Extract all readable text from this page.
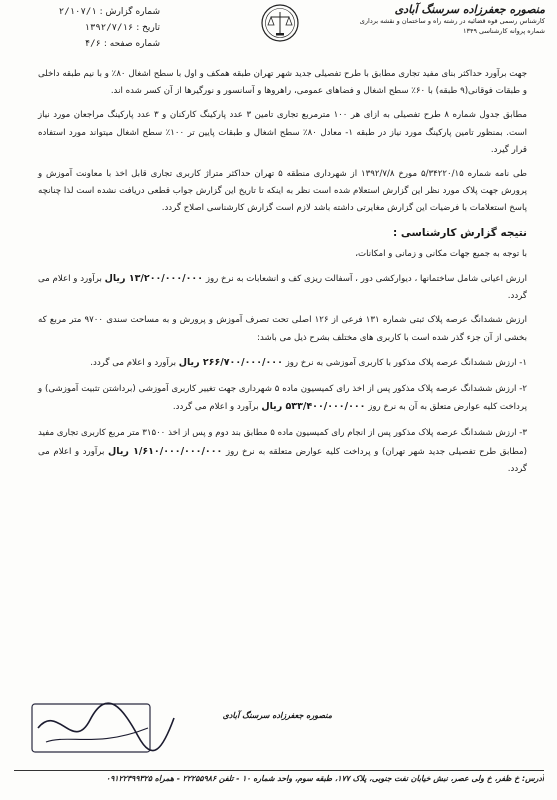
منصوره جعفرزاده سرسنگ آبادی
کارشناس رسمی قوه قضائیه در رشته راه و ساختمان و نقشه برداری
شماره پروانه کارشناسی ۱۳۴۹
شماره گزارش : ۲/۱۰۷/۱
تاریخ : ۱۳۹۲/۷/۱۶
شماره صفحه : ۴/۶

جهت برآورد حداکثر بنای مفید تجاری مطابق با طرح تفصیلی جدید شهر تهران طبقه همکف و اول با سطح اشغال ۸۰٪ و با نیم طبقه داخلی و طبقات فوقانی(۹ طبقه) با ۶۰٪ سطح اشغال و فضاهای عمومی، راهروها و آسانسور و نورگیرها از آن کسر شده اند.

مطابق جدول شماره ۸ طرح تفصیلی به ازای هر ۱۰۰ مترمربع تجاری تامین ۳ عدد پارکینگ کارکنان و ۳ عدد پارکینگ مراجعان مورد نیاز است. بمنظور تامین پارکینگ مورد نیاز در طبقه ۱- معادل ۸۰٪ سطح اشغال و طبقات پایین تر ۱۰۰٪ سطح اشغال میتواند مورد استفاده قرار گیرد.

طی نامه شماره ۵/۳۴۲۲۰/۱۵ مورخ ۱۳۹۲/۷/۸ از شهرداری منطقه ۵ تهران حداکثر متراژ کاربری تجاری قابل اخذ با معاونت آموزش و پرورش جهت پلاک مورد نظر این گزارش استعلام شده است نظر به اینکه تا تاریخ این گزارش جواب قطعی دریافت نشده است لذا چنانچه پاسخ استعلامات با فرضیات این گزارش مغایرتی داشته باشد لازم است گزارش کارشناسی اصلاح گردد.

نتیجه گزارش کارشناسی :

با توجه به جمیع جهات مکانی و زمانی و امکانات،

ارزش اعیانی شامل ساختمانها ، دیوارکشی دور ، آسفالت ریزی کف و انشعابات به نرخ روز ۱۳/۲۰۰/۰۰۰/۰۰۰ ریال برآورد و اعلام می گردد.

ارزش ششدانگ عرصه پلاک ثبتی شماره ۱۳۱ فرعی از ۱۲۶ اصلی تحت تصرف آموزش و پرورش و به مساحت سندی ۹۷۰۰ متر مربع که بخشی از آن جزء گذر شده است با کاربری های مختلف بشرح ذیل می باشد:

۱- ارزش ششدانگ عرصه پلاک مذکور با کاربری آموزشی به نرخ روز ۲۶۶/۷۰۰/۰۰۰/۰۰۰ ریال برآورد و اعلام می گردد.

۲- ارزش ششدانگ عرصه پلاک مذکور پس از اخذ رای کمیسیون ماده ۵ شهرداری جهت تغییر کاربری آموزشی (برداشتن تثبیت آموزشی) و پرداخت کلیه عوارض متعلق به آن به نرخ روز ۵۳۳/۴۰۰/۰۰۰/۰۰۰ ریال برآورد و اعلام می گردد.

۳- ارزش ششدانگ عرصه پلاک مذکور پس از انجام رای کمیسیون ماده ۵ مطابق بند دوم و پس از اخذ ۳۱۵۰۰ متر مربع کاربری تجاری مفید (مطابق طرح تفصیلی جدید شهر تهران) و پرداخت کلیه عوارض متعلقه به نرخ روز ۱/۶۱۰/۰۰۰/۰۰۰/۰۰۰ ریال برآورد و اعلام می گردد.

منصوره جعفرزاده سرسنگ آبادی
آدرس: خ ظفر، خ ولی عصر، نبش خیابان نفت جنوبی، پلاک ۱۷۷، طبقه سوم، واحد شماره ۱۰ - تلفن ۲۲۲۵۵۹۸۶ - همراه ۰۹۱۲۲۳۹۹۳۲۵
